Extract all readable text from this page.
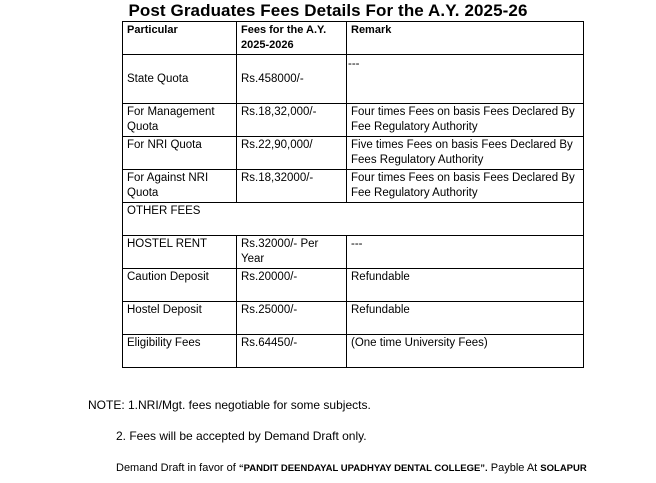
Post Graduates Fees Details For the A.Y. 2025-26
Particular	Fees for the A.Y. 2025-2026	Remark
State Quota	Rs.458000/-	---
For Management Quota	Rs.18,32,000/-	Four times Fees on basis Fees Declared By Fee Regulatory Authority
For NRI Quota	Rs.22,90,000/	Five times Fees on basis Fees Declared By Fees Regulatory Authority
For Against NRI Quota	Rs.18,32000/-	Four times Fees on basis Fees Declared By Fee Regulatory Authority
OTHER FEES		
HOSTEL RENT	Rs.32000/- Per Year	---
Caution Deposit	Rs.20000/-	Refundable
Hostel Deposit	Rs.25000/-	Refundable
Eligibility Fees	Rs.64450/-	(One time University Fees)
NOTE: 1.NRI/Mgt. fees negotiable for some subjects.
2. Fees will be accepted by Demand Draft only.
Demand Draft in favor of “PANDIT DEENDAYAL UPADHYAY DENTAL COLLEGE”. Payble At SOLAPUR
